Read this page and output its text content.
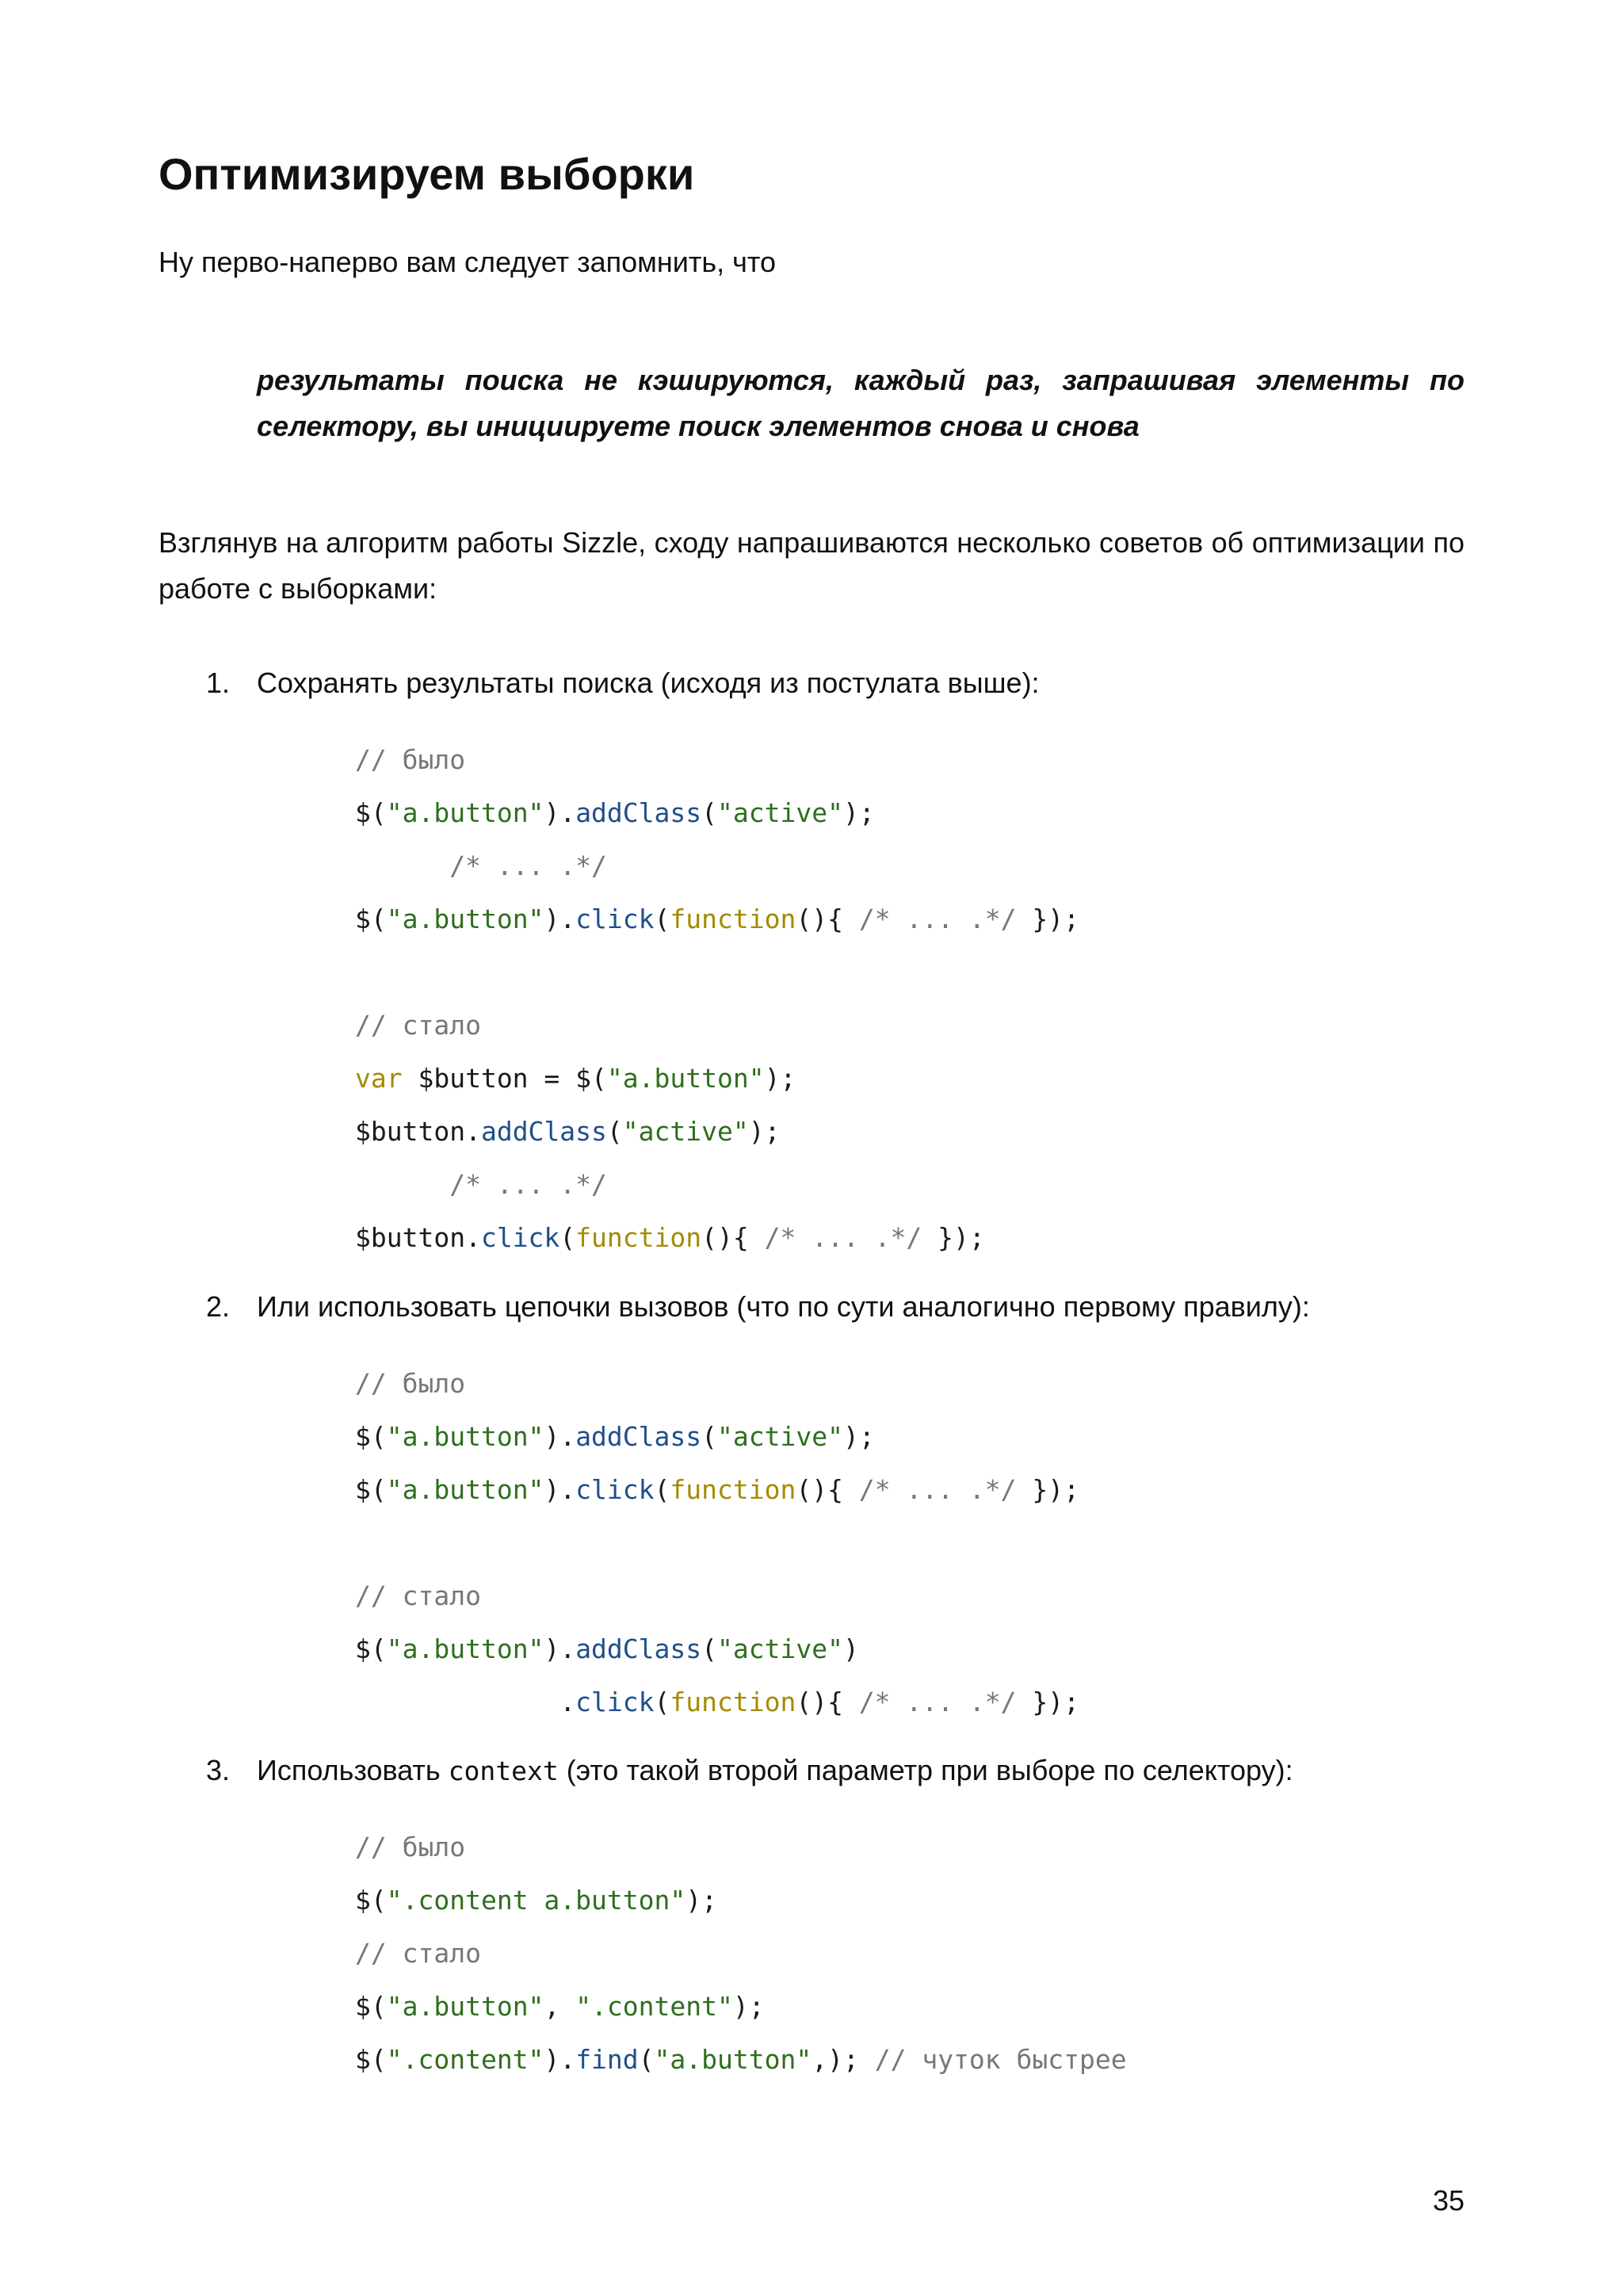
Оптимизируем выборки

Ну перво-наперво вам следует запомнить, что

результаты поиска не кэшируются, каждый раз, запрашивая элементы по селектору, вы инициируете поиск элементов снова и снова

Взглянув на алгоритм работы Sizzle, сходу напрашиваются несколько советов об оптимизации по работе с выборками:

1. Сохранять результаты поиска (исходя из постулата выше):
// было
$("a.button").addClass("active");
/* ... .*/
$("a.button").click(function(){ /* ... .*/ });
// стало
var $button = $("a.button");
$button.addClass("active");
/* ... .*/
$button.click(function(){ /* ... .*/ });
2. Или использовать цепочки вызовов (что по сути аналогично первому правилу):
// было
$("a.button").addClass("active");
$("a.button").click(function(){ /* ... .*/ });
// стало
$("a.button").addClass("active")
.click(function(){ /* ... .*/ });
3. Использовать context (это такой второй параметр при выборе по селектору):
// было
$(".content a.button");
// стало
$("a.button", ".content");
$(".content").find("a.button",); // чуток быстрее
35
